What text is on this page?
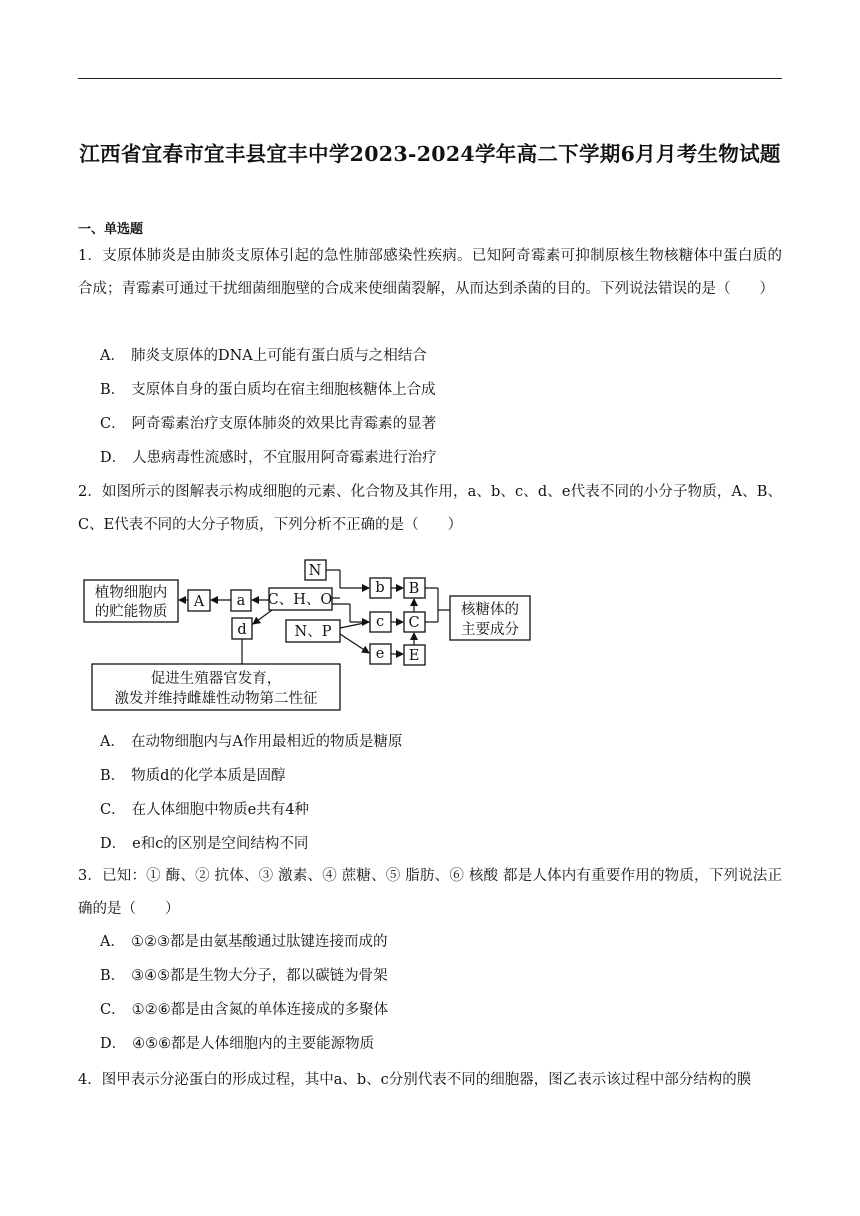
江西省宜春市宜丰县宜丰中学2023-2024学年高二下学期6月月考生物试题
一、单选题
1．支原体肺炎是由肺炎支原体引起的急性肺部感染性疾病。已知阿奇霉素可抑制原核生物核糖体中蛋白质的合成；青霉素可通过干扰细菌细胞壁的合成来使细菌裂解，从而达到杀菌的目的。下列说法错误的是（　　）
A． 肺炎支原体的DNA上可能有蛋白质与之相结合
B． 支原体自身的蛋白质均在宿主细胞核糖体上合成
C． 阿奇霉素治疗支原体肺炎的效果比青霉素的显著
D． 人患病毒性流感时，不宜服用阿奇霉素进行治疗
2．如图所示的图解表示构成细胞的元素、化合物及其作用，a、b、c、d、e代表不同的小分子物质，A、B、C、E代表不同的大分子物质，下列分析不正确的是（　　）
植物细胞内
的贮能物质
A a C、H、O
N
b B
N、P
c C
e E
d
核糖体的
主要成分
促进生殖器官发育，
激发并维持雌雄性动物第二性征
A． 在动物细胞内与A作用最相近的物质是糖原
B． 物质d的化学本质是固醇
C． 在人体细胞中物质e共有4种
D． e和c的区别是空间结构不同
3．已知：① 酶、② 抗体、③ 激素、④ 蔗糖、⑤ 脂肪、⑥ 核酸 都是人体内有重要作用的物质，下列说法正确的是（　　）
A． ①②③都是由氨基酸通过肽键连接而成的
B． ③④⑤都是生物大分子，都以碳链为骨架
C． ①②⑥都是由含氮的单体连接成的多聚体
D． ④⑤⑥都是人体细胞内的主要能源物质
4．图甲表示分泌蛋白的形成过程，其中a、b、c分别代表不同的细胞器，图乙表示该过程中部分结构的膜
